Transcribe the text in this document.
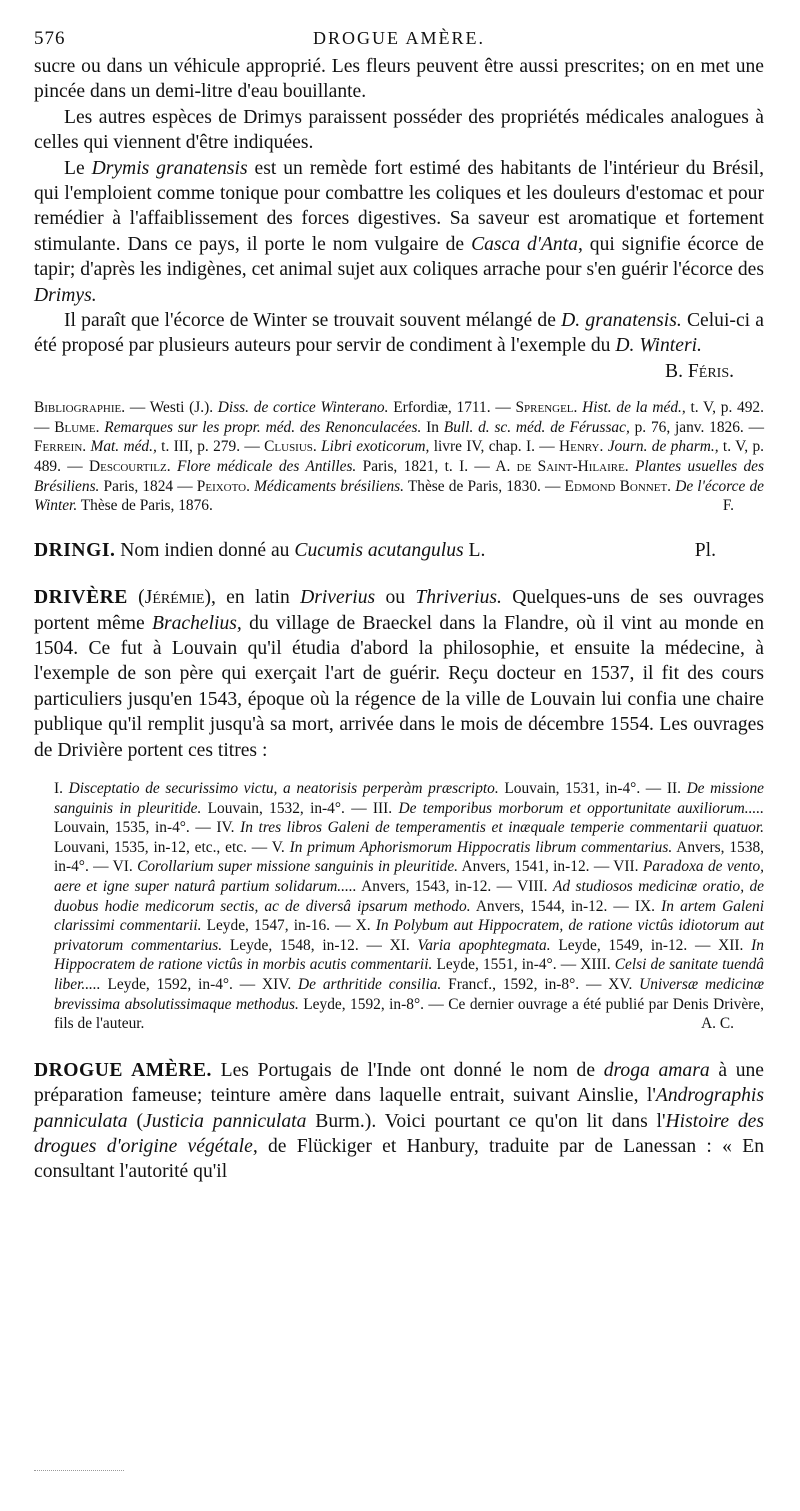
576	DROGUE AMÈRE.

sucre ou dans un véhicule approprié. Les fleurs peuvent être aussi prescrites; on en met une pincée dans un demi-litre d'eau bouillante.

Les autres espèces de Drimys paraissent posséder des propriétés médicales analogues à celles qui viennent d'être indiquées.

Le Drymis granatensis est un remède fort estimé des habitants de l'intérieur du Brésil, qui l'emploient comme tonique pour combattre les coliques et les douleurs d'estomac et pour remédier à l'affaiblissement des forces digestives. Sa saveur est aromatique et fortement stimulante. Dans ce pays, il porte le nom vulgaire de Casca d'Anta, qui signifie écorce de tapir; d'après les indigènes, cet animal sujet aux coliques arrache pour s'en guérir l'écorce des Drimys.

Il paraît que l'écorce de Winter se trouvait souvent mélangé de D. granatensis. Celui-ci a été proposé par plusieurs auteurs pour servir de condiment à l'exemple du D. Winteri.
B. Féris.

Bibliographie. — Westi (J.). Diss. de cortice Winterano. Erfordiæ, 1711. — Sprengel. Hist. de la méd., t. V, p. 492. — Blume. Remarques sur les propr. méd. des Renonculacées. In Bull. d. sc. méd. de Férussac, p. 76, janv. 1826. — Ferrein. Mat. méd., t. III, p. 279. — Clusius. Libri exoticorum, livre IV, chap. I. — Henry. Journ. de pharm., t. V, p. 489. — Descourtilz. Flore médicale des Antilles. Paris, 1821, t. I. — A. de Saint-Hilaire. Plantes usuelles des Brésiliens. Paris, 1824 — Peixoto. Médicaments brésiliens. Thèse de Paris, 1830. — Edmond Bonnet. De l'écorce de Winter. Thèse de Paris, 1876.	F.

DRINGI. Nom indien donné au Cucumis acutangulus L.	Pl.

DRIVÈRE (Jérémie), en latin Driverius ou Thriverius. Quelques-uns de ses ouvrages portent même Brachelius, du village de Braeckel dans la Flandre, où il vint au monde en 1504. Ce fut à Louvain qu'il étudia d'abord la philosophie, et ensuite la médecine, à l'exemple de son père qui exerçait l'art de guérir. Reçu docteur en 1537, il fit des cours particuliers jusqu'en 1543, époque où la régence de la ville de Louvain lui confia une chaire publique qu'il remplit jusqu'à sa mort, arrivée dans le mois de décembre 1554. Les ouvrages de Drivière portent ces titres :

I. Disceptatio de securissimo victu, a neatorisis perperàm præscripto. Louvain, 1531, in-4°. — II. De missione sanguinis in pleuritide. Louvain, 1532, in-4°. — III. De temporibus morborum et opportunitate auxiliorum..... Louvain, 1535, in-4°. — IV. In tres libros Galeni de temperamentis et inæquale temperie commentarii quatuor. Louvani, 1535, in-12, etc., etc. — V. In primum Aphorismorum Hippocratis librum commentarius. Anvers, 1538, in-4°. — VI. Corollarium super missione sanguinis in pleuritide. Anvers, 1541, in-12. — VII. Paradoxa de vento, aere et igne super naturâ partium solidarum..... Anvers, 1543, in-12. — VIII. Ad studiosos medicinæ oratio, de duobus hodie medicorum sectis, ac de diversâ ipsarum methodo. Anvers, 1544, in-12. — IX. In artem Galeni clarissimi commentarii. Leyde, 1547, in-16. — X. In Polybum aut Hippocratem, de ratione victûs idiotorum aut privatorum commentarius. Leyde, 1548, in-12. — XI. Varia apophtegmata. Leyde, 1549, in-12. — XII. In Hippocratem de ratione victûs in morbis acutis commentarii. Leyde, 1551, in-4°. — XIII. Celsi de sanitate tuendâ liber..... Leyde, 1592, in-4°. — XIV. De arthritide consilia. Francf., 1592, in-8°. — XV. Universæ medicinæ brevissima absolutissimaque methodus. Leyde, 1592, in-8°. — Ce dernier ouvrage a été publié par Denis Drivère, fils de l'auteur.	A. C.

DROGUE AMÈRE. Les Portugais de l'Inde ont donné le nom de droga amara à une préparation fameuse; teinture amère dans laquelle entrait, suivant Ainslie, l'Andrographis panniculata (Justicia panniculata Burm.). Voici pourtant ce qu'on lit dans l'Histoire des drogues d'origine végétale, de Flückiger et Hanbury, traduite par de Lanessan : « En consultant l'autorité qu'il
